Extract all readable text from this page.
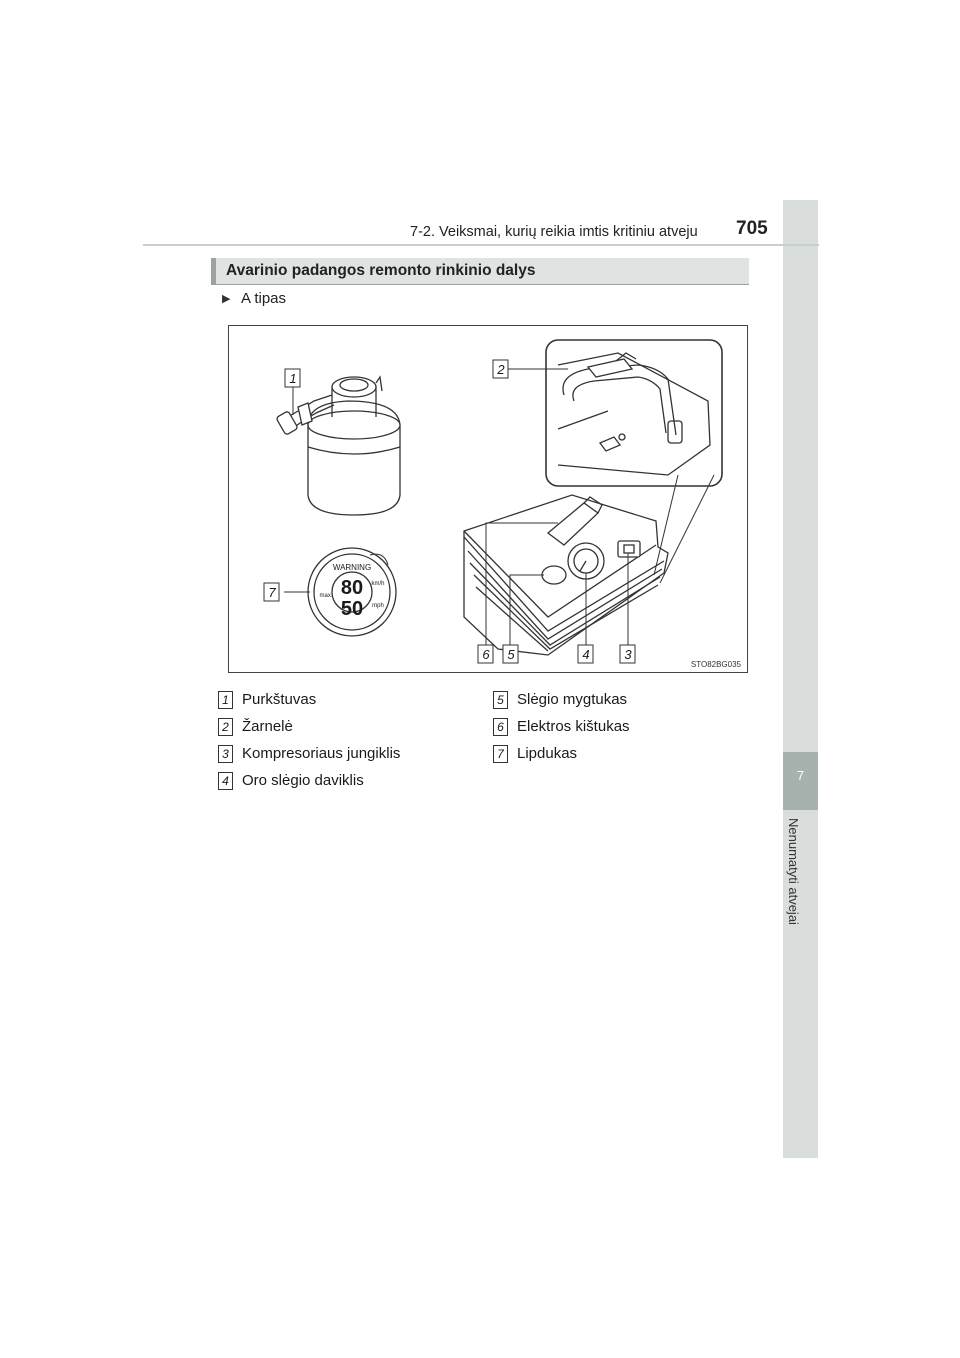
7
Nenumatyti atvejai
7-2. Veiksmai, kurių reikia imtis kritiniu atveju 705
Avarinio padangos remonto rinkinio dalys
▶ A tipas
WARNING
80
50
km/h
mph
max.
1
2
3
4
5
6
7
STO82BG035
1 Purkštuvas
2 Žarnelė
3 Kompresoriaus jungiklis
4 Oro slėgio daviklis
5 Slėgio mygtukas
6 Elektros kištukas
7 Lipdukas
